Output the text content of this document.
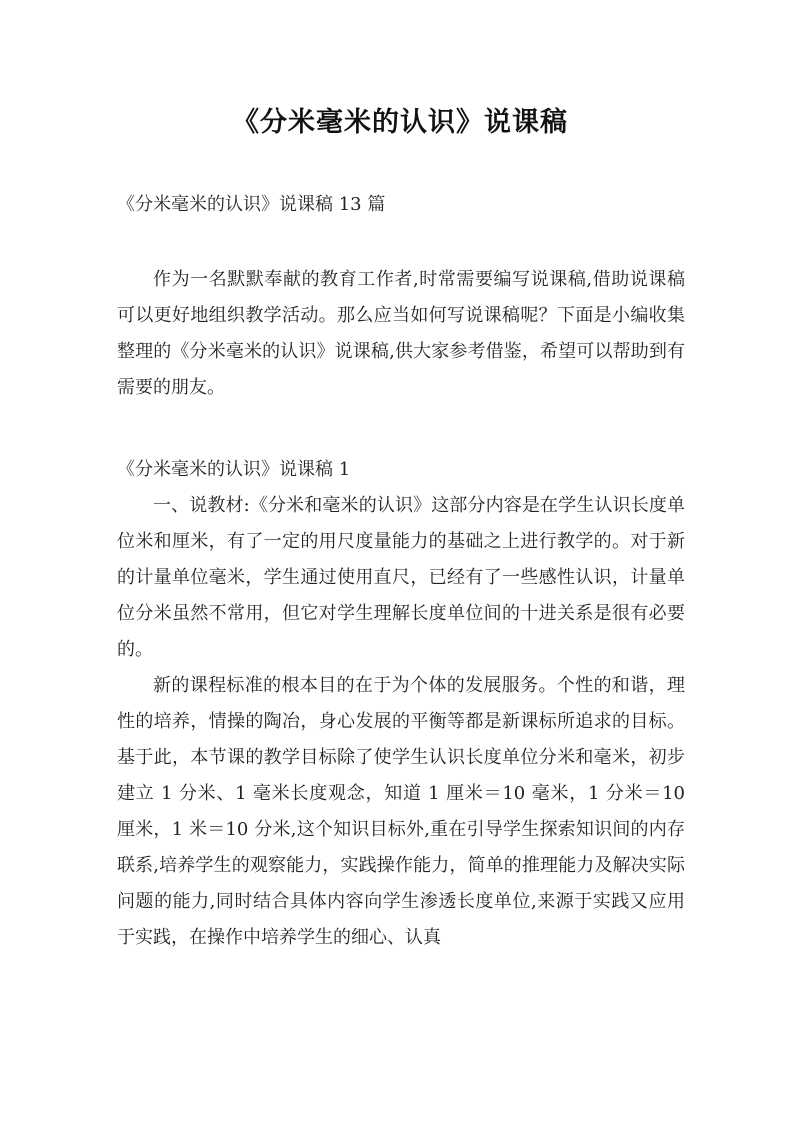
《分米毫米的认识》说课稿
《分米毫米的认识》说课稿 13 篇

作为一名默默奉献的教育工作者,时常需要编写说课稿,借助说课稿可以更好地组织教学活动。那么应当如何写说课稿呢？下面是小编收集整理的《分米毫米的认识》说课稿,供大家参考借鉴，希望可以帮助到有需要的朋友。

《分米毫米的认识》说课稿 1

一、说教材:《分米和毫米的认识》这部分内容是在学生认识长度单位米和厘米，有了一定的用尺度量能力的基础之上进行教学的。对于新的计量单位毫米，学生通过使用直尺，已经有了一些感性认识，计量单位分米虽然不常用，但它对学生理解长度单位间的十进关系是很有必要的。

新的课程标准的根本目的在于为个体的发展服务。个性的和谐，理性的培养，情操的陶冶，身心发展的平衡等都是新课标所追求的目标。基于此，本节课的教学目标除了使学生认识长度单位分米和毫米，初步建立 1 分米、1 毫米长度观念，知道 1 厘米＝10 毫米，1 分米＝10 厘米，1 米＝10 分米,这个知识目标外,重在引导学生探索知识间的内存联系,培养学生的观察能力，实践操作能力，简单的推理能力及解决实际问题的能力,同时结合具体内容向学生渗透长度单位,来源于实践又应用于实践，在操作中培养学生的细心、认真
